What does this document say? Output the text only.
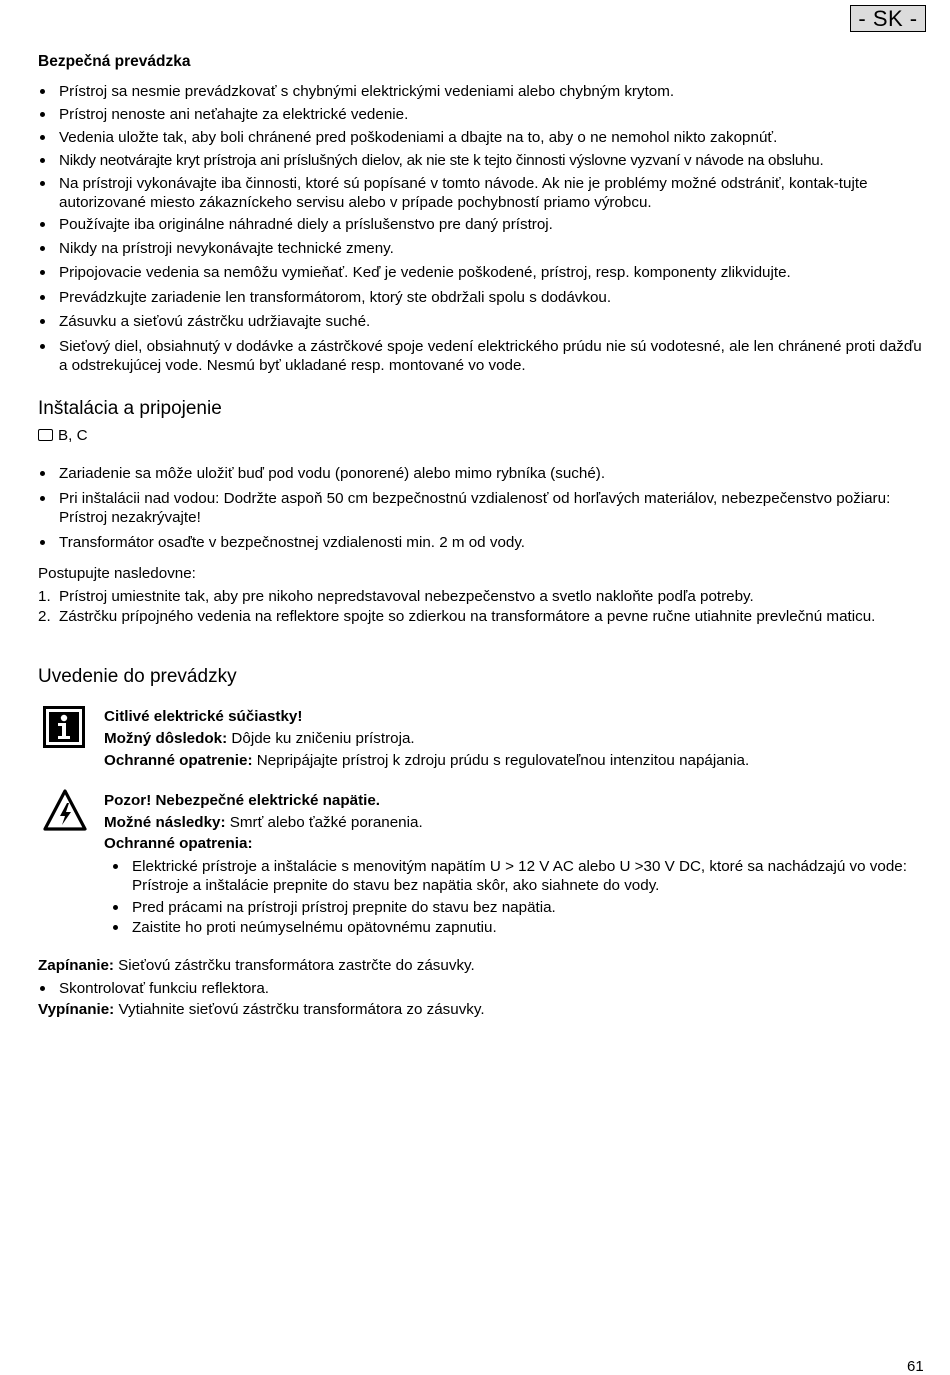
- SK -
Bezpečná prevádzka
Prístroj sa nesmie prevádzkovať s chybnými elektrickými vedeniami alebo chybným krytom.
Prístroj nenoste ani neťahajte za elektrické vedenie.
Vedenia uložte tak, aby boli chránené pred poškodeniami a dbajte na to, aby o ne nemohol nikto zakopnúť.
Nikdy neotvárajte kryt prístroja ani príslušných dielov, ak nie ste k tejto činnosti výslovne vyzvaní v návode na obsluhu.
Na prístroji vykonávajte iba činnosti, ktoré sú popísané v tomto návode. Ak nie je problémy možné odstrániť, kontak-tujte autorizované miesto zákazníckeho servisu alebo v prípade pochybností priamo výrobcu.
Používajte iba originálne náhradné diely a príslušenstvo pre daný prístroj.
Nikdy na prístroji nevykonávajte technické zmeny.
Pripojovacie vedenia sa nemôžu vymieňať. Keď je vedenie poškodené, prístroj, resp. komponenty zlikvidujte.
Prevádzkujte zariadenie len transformátorom, ktorý ste obdržali spolu s dodávkou.
Zásuvku a sieťovú zástrčku udržiavajte suché.
Sieťový diel, obsiahnutý v dodávke a zástrčkové spoje vedení elektrického prúdu nie sú vodotesné, ale len chránené proti dažďu a odstrekujúcej vode. Nesmú byť ukladané resp. montované vo vode.
Inštalácia a pripojenie
B, C
Zariadenie sa môže uložiť buď pod vodu (ponorené) alebo mimo rybníka (suché).
Pri inštalácii nad vodou: Dodržte aspoň 50 cm bezpečnostnú vzdialenosť od horľavých materiálov, nebezpečenstvo požiaru: Prístroj nezakrývajte!
Transformátor osaďte v bezpečnostnej vzdialenosti min. 2 m od vody.
Postupujte nasledovne:
1. Prístroj umiestnite tak, aby pre nikoho nepredstavoval nebezpečenstvo a svetlo nakloňte podľa potreby.
2. Zástrčku prípojného vedenia na reflektore spojte so zdierkou na transformátore a pevne ručne utiahnite prevlečnú maticu.
Uvedenie do prevádzky
Citlivé elektrické súčiastky!
Možný dôsledok: Dôjde ku zničeniu prístroja.
Ochranné opatrenie: Nepripájajte prístroj k zdroju prúdu s regulovateľnou intenzitou napájania.
Pozor! Nebezpečné elektrické napätie.
Možné následky: Smrť alebo ťažké poranenia.
Ochranné opatrenia:
Elektrické prístroje a inštalácie s menovitým napätím U > 12 V AC alebo U >30 V DC, ktoré sa nachádzajú vo vode: Prístroje a inštalácie prepnite do stavu bez napätia skôr, ako siahnete do vody.
Pred prácami na prístroji prístroj prepnite do stavu bez napätia.
Zaistite ho proti neúmyselnému opätovnému zapnutiu.
Zapínanie: Sieťovú zástrčku transformátora zastrčte do zásuvky.
Skontrolovať funkciu reflektora.
Vypínanie: Vytiahnite sieťovú zástrčku transformátora zo zásuvky.
61
